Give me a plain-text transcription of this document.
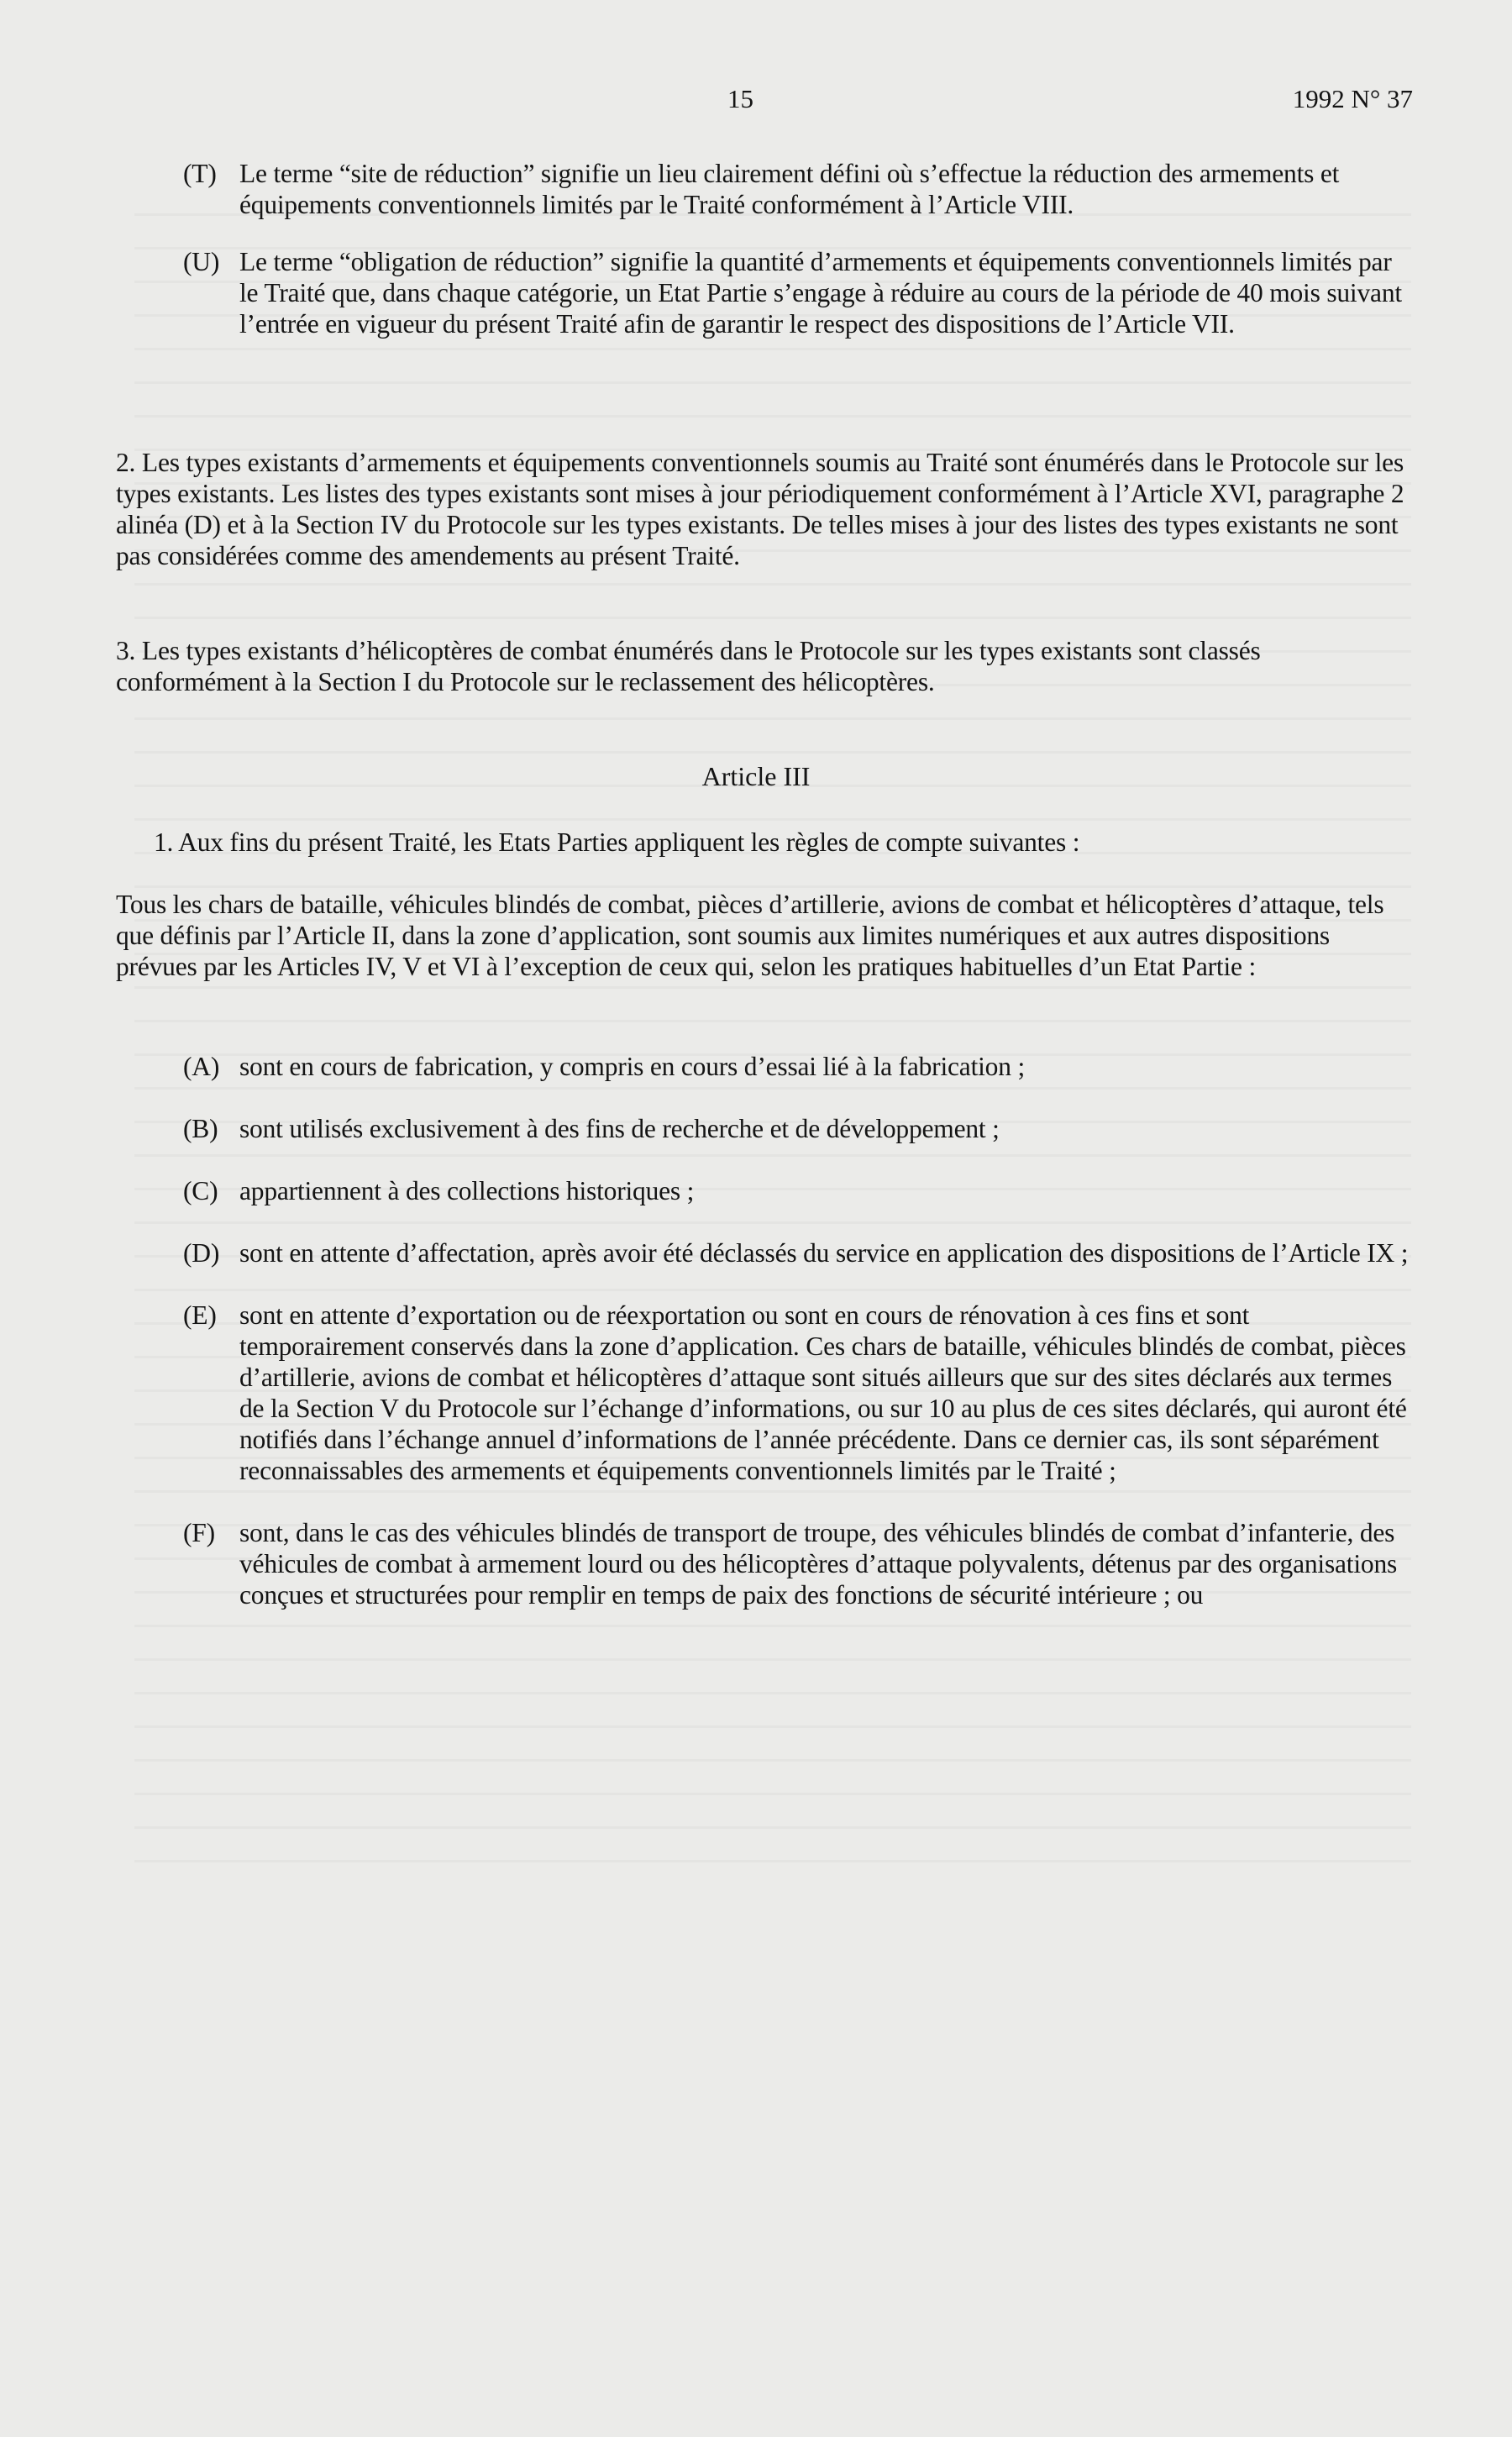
15	1992 N° 37
(T) Le terme “site de réduction” signifie un lieu clairement défini où s’effectue la réduction des armements et équipements conventionnels limités par le Traité conformément à l’Article VIII.
(U) Le terme “obligation de réduction” signifie la quantité d’armements et équipements conventionnels limités par le Traité que, dans chaque catégorie, un Etat Partie s’engage à réduire au cours de la période de 40 mois suivant l’entrée en vigueur du présent Traité afin de garantir le respect des dispositions de l’Article VII.
2. Les types existants d’armements et équipements conventionnels soumis au Traité sont énumérés dans le Protocole sur les types existants. Les listes des types existants sont mises à jour périodiquement conformément à l’Article XVI, paragraphe 2 alinéa (D) et à la Section IV du Protocole sur les types existants. De telles mises à jour des listes des types existants ne sont pas considérées comme des amendements au présent Traité.
3. Les types existants d’hélicoptères de combat énumérés dans le Protocole sur les types existants sont classés conformément à la Section I du Protocole sur le reclassement des hélicoptères.
Article III
1. Aux fins du présent Traité, les Etats Parties appliquent les règles de compte suivantes :
Tous les chars de bataille, véhicules blindés de combat, pièces d’artillerie, avions de combat et hélicoptères d’attaque, tels que définis par l’Article II, dans la zone d’application, sont soumis aux limites numériques et aux autres dispositions prévues par les Articles IV, V et VI à l’exception de ceux qui, selon les pratiques habituelles d’un Etat Partie :
(A) sont en cours de fabrication, y compris en cours d’essai lié à la fabrication ;
(B) sont utilisés exclusivement à des fins de recherche et de développement ;
(C) appartiennent à des collections historiques ;
(D) sont en attente d’affectation, après avoir été déclassés du service en application des dispositions de l’Article IX ;
(E) sont en attente d’exportation ou de réexportation ou sont en cours de rénovation à ces fins et sont temporairement conservés dans la zone d’application. Ces chars de bataille, véhicules blindés de combat, pièces d’artillerie, avions de combat et hélicoptères d’attaque sont situés ailleurs que sur des sites déclarés aux termes de la Section V du Protocole sur l’échange d’informations, ou sur 10 au plus de ces sites déclarés, qui auront été notifiés dans l’échange annuel d’informations de l’année précédente. Dans ce dernier cas, ils sont séparément reconnaissables des armements et équipements conventionnels limités par le Traité ;
(F) sont, dans le cas des véhicules blindés de transport de troupe, des véhicules blindés de combat d’infanterie, des véhicules de combat à armement lourd ou des hélicoptères d’attaque polyvalents, détenus par des organisations conçues et structurées pour remplir en temps de paix des fonctions de sécurité intérieure ; ou
